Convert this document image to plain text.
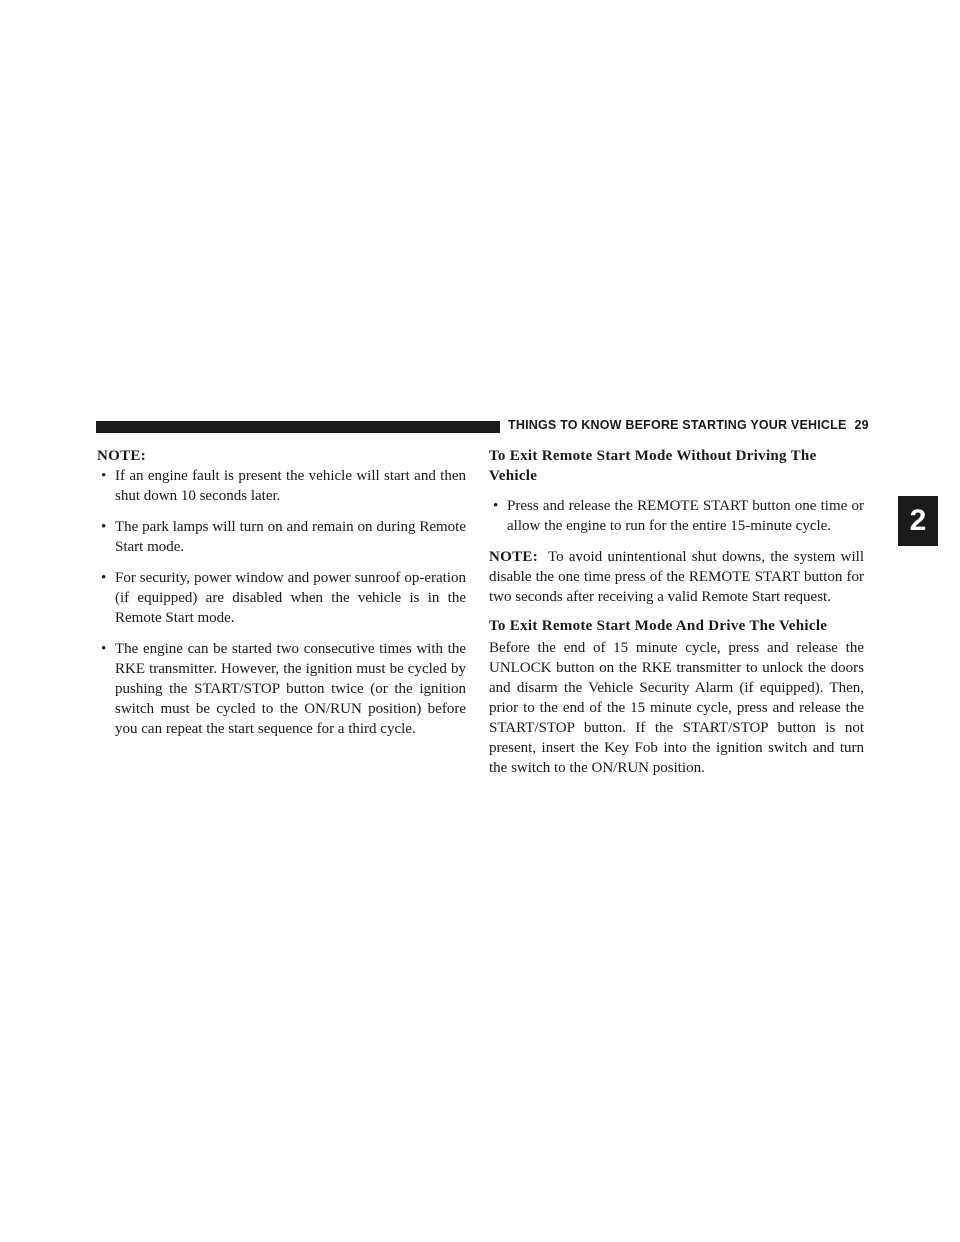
THINGS TO KNOW BEFORE STARTING YOUR VEHICLE 29
2
NOTE:
• If an engine fault is present the vehicle will start and then shut down 10 seconds later.
• The park lamps will turn on and remain on during Remote Start mode.
• For security, power window and power sunroof op-eration (if equipped) are disabled when the vehicle is in the Remote Start mode.
• The engine can be started two consecutive times with the RKE transmitter. However, the ignition must be cycled by pushing the START/STOP button twice (or the ignition switch must be cycled to the ON/RUN position) before you can repeat the start sequence for a third cycle.
To Exit Remote Start Mode Without Driving The Vehicle
• Press and release the REMOTE START button one time or allow the engine to run for the entire 15-minute cycle.

NOTE: To avoid unintentional shut downs, the system will disable the one time press of the REMOTE START button for two seconds after receiving a valid Remote Start request.

To Exit Remote Start Mode And Drive The Vehicle

Before the end of 15 minute cycle, press and release the UNLOCK button on the RKE transmitter to unlock the doors and disarm the Vehicle Security Alarm (if equipped). Then, prior to the end of the 15 minute cycle, press and release the START/STOP button. If the START/STOP button is not present, insert the Key Fob into the ignition switch and turn the switch to the ON/RUN position.
